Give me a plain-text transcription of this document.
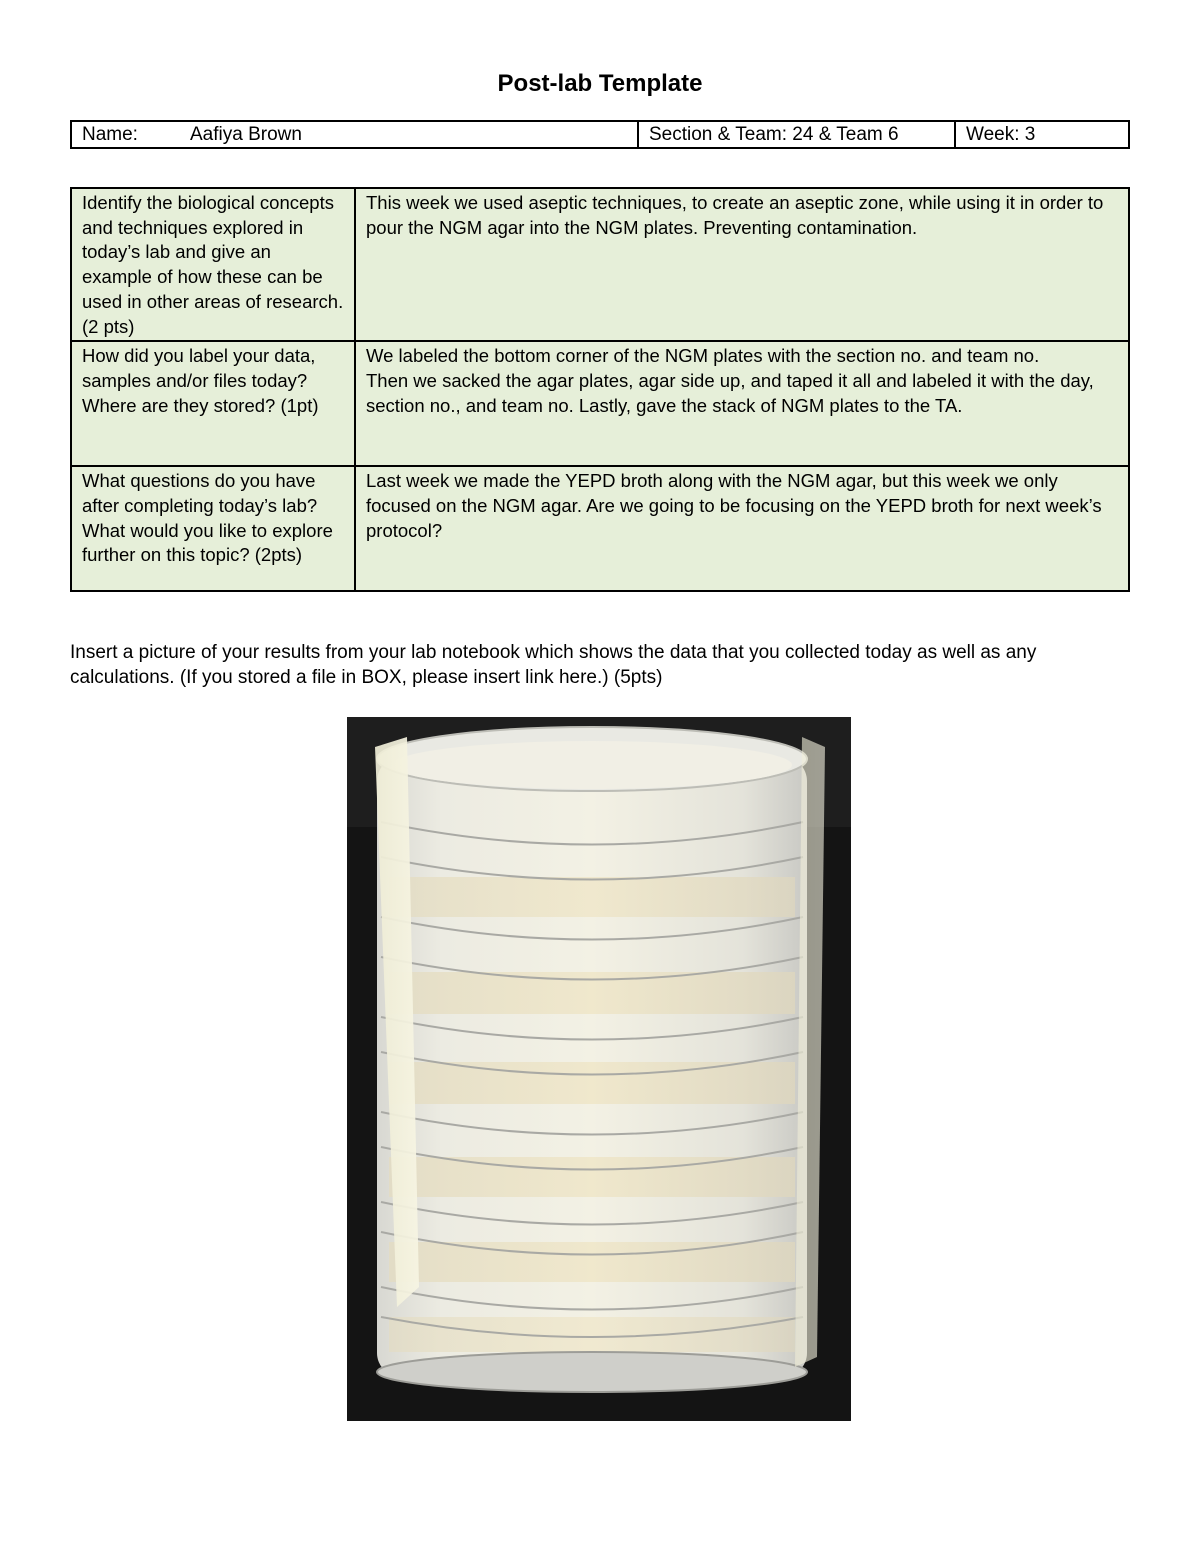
Post-lab Template
Name:	Aafiya Brown	Section & Team: 24 & Team 6	Week: 3
Identify the biological concepts and techniques explored in today’s lab and give an example of how these can be used in other areas of research. (2 pts)	This week we used aseptic techniques, to create an aseptic zone, while using it in order to pour the NGM agar into the NGM plates. Preventing contamination.
How did you label your data, samples and/or files today? Where are they stored? (1pt)	We labeled the bottom corner of the NGM plates with the section no. and team no.
Then we sacked the agar plates, agar side up, and taped it all and labeled it with the day, section no., and team no. Lastly, gave the stack of NGM plates to the TA.

What questions do you have after completing today’s lab? What would you like to explore further on this topic? (2pts)	Last week we made the YEPD broth along with the NGM agar, but this week we only focused on the NGM agar. Are we going to be focusing on the YEPD broth for next week’s protocol?

Insert a picture of your results from your lab notebook which shows the data that you collected today as well as any calculations. (If you stored a file in BOX, please insert link here.) (5pts)
